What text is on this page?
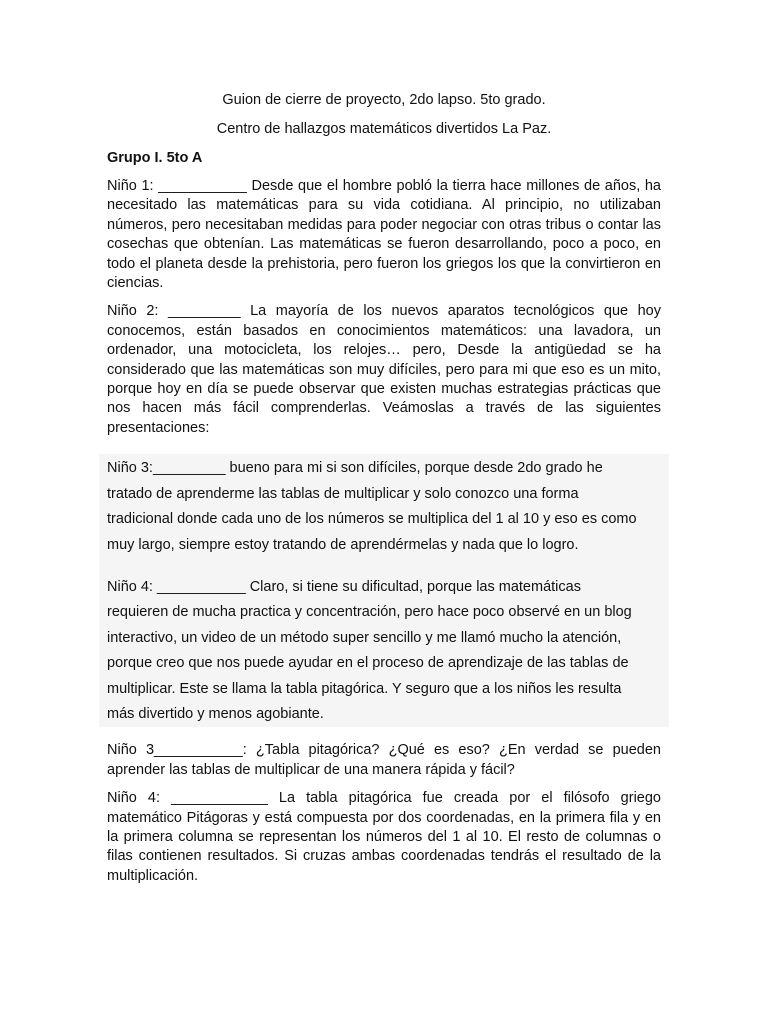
Guion de cierre de proyecto, 2do lapso. 5to grado.

Centro de hallazgos matemáticos divertidos La Paz.

Grupo I. 5to A

Niño 1: ___________ Desde que el hombre pobló la tierra hace millones de años, ha necesitado las matemáticas para su vida cotidiana. Al principio, no utilizaban números, pero necesitaban medidas para poder negociar con otras tribus o contar las cosechas que obtenían. Las matemáticas se fueron desarrollando, poco a poco, en todo el planeta desde la prehistoria, pero fueron los griegos los que la convirtieron en ciencias.

Niño 2: _________ La mayoría de los nuevos aparatos tecnológicos que hoy conocemos, están basados en conocimientos matemáticos: una lavadora, un ordenador, una motocicleta, los relojes… pero, Desde la antigüedad se ha considerado que las matemáticas son muy difíciles, pero para mi que eso es un mito, porque hoy en día se puede observar que existen muchas estrategias prácticas que nos hacen más fácil comprenderlas. Veámoslas a través de las siguientes presentaciones:

Niño 3:_________ bueno para mi si son difíciles, porque desde 2do grado he

tratado de aprenderme las tablas de multiplicar y solo conozco una forma

tradicional donde cada uno de los números se multiplica del 1 al 10 y eso es como

muy largo, siempre estoy tratando de aprendérmelas y nada que lo logro.

Niño 4: ___________ Claro, si tiene su dificultad, porque las matemáticas

requieren de mucha practica y concentración, pero hace poco observé en un blog

interactivo, un video de un método super sencillo y me llamó mucho la atención,

porque creo que nos puede ayudar en el proceso de aprendizaje de las tablas de

multiplicar. Este se llama la tabla pitagórica. Y seguro que a los niños les resulta

más divertido y menos agobiante.

Niño 3___________: ¿Tabla pitagórica? ¿Qué es eso? ¿En verdad se pueden aprender las tablas de multiplicar de una manera rápida y fácil?

Niño 4: ____________ La tabla pitagórica fue creada por el filósofo griego matemático Pitágoras y está compuesta por dos coordenadas, en la primera fila y en la primera columna se representan los números del 1 al 10. El resto de columnas o filas contienen resultados. Si cruzas ambas coordenadas tendrás el resultado de la multiplicación.
